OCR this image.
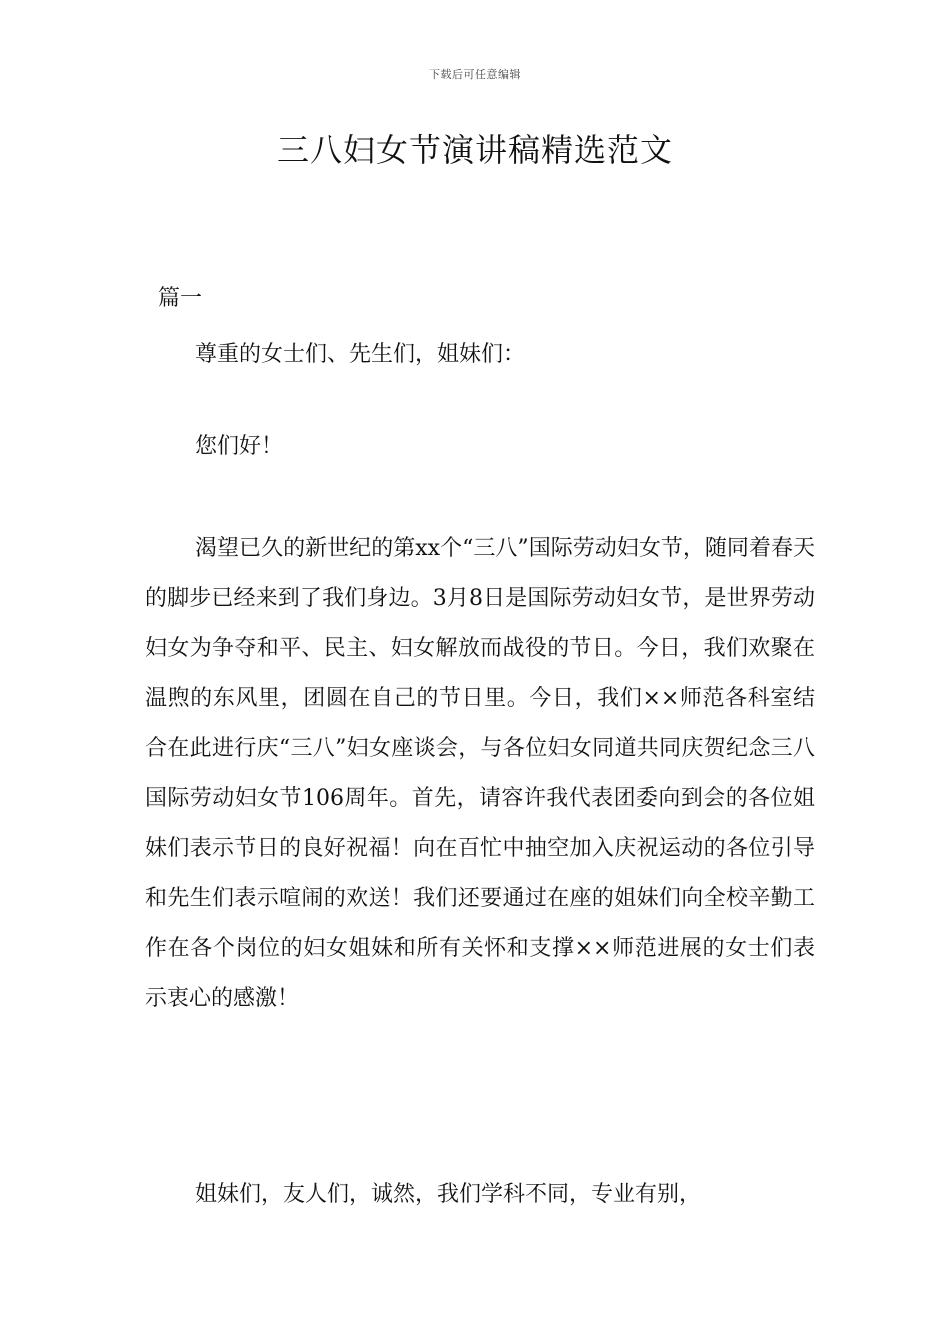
下载后可任意编辑
三八妇女节演讲稿精选范文
篇一

尊重的女士们、先生们，姐妹们：

您们好！

渴望已久的新世纪的第xx个“三八”国际劳动妇女节，随同着春天的脚步已经来到了我们身边。3月8日是国际劳动妇女节，是世界劳动妇女为争夺和平、民主、妇女解放而战役的节日。今日，我们欢聚在温煦的东风里，团圆在自己的节日里。今日，我们××师范各科室结合在此进行庆“三八”妇女座谈会，与各位妇女同道共同庆贺纪念三八国际劳动妇女节106周年。首先，请容许我代表团委向到会的各位姐妹们表示节日的良好祝福！向在百忙中抽空加入庆祝运动的各位引导和先生们表示喧闹的欢送！我们还要通过在座的姐妹们向全校辛勤工作在各个岗位的妇女姐妹和所有关怀和支撑××师范进展的女士们表示衷心的感激！

姐妹们，友人们，诚然，我们学科不同，专业有别，
